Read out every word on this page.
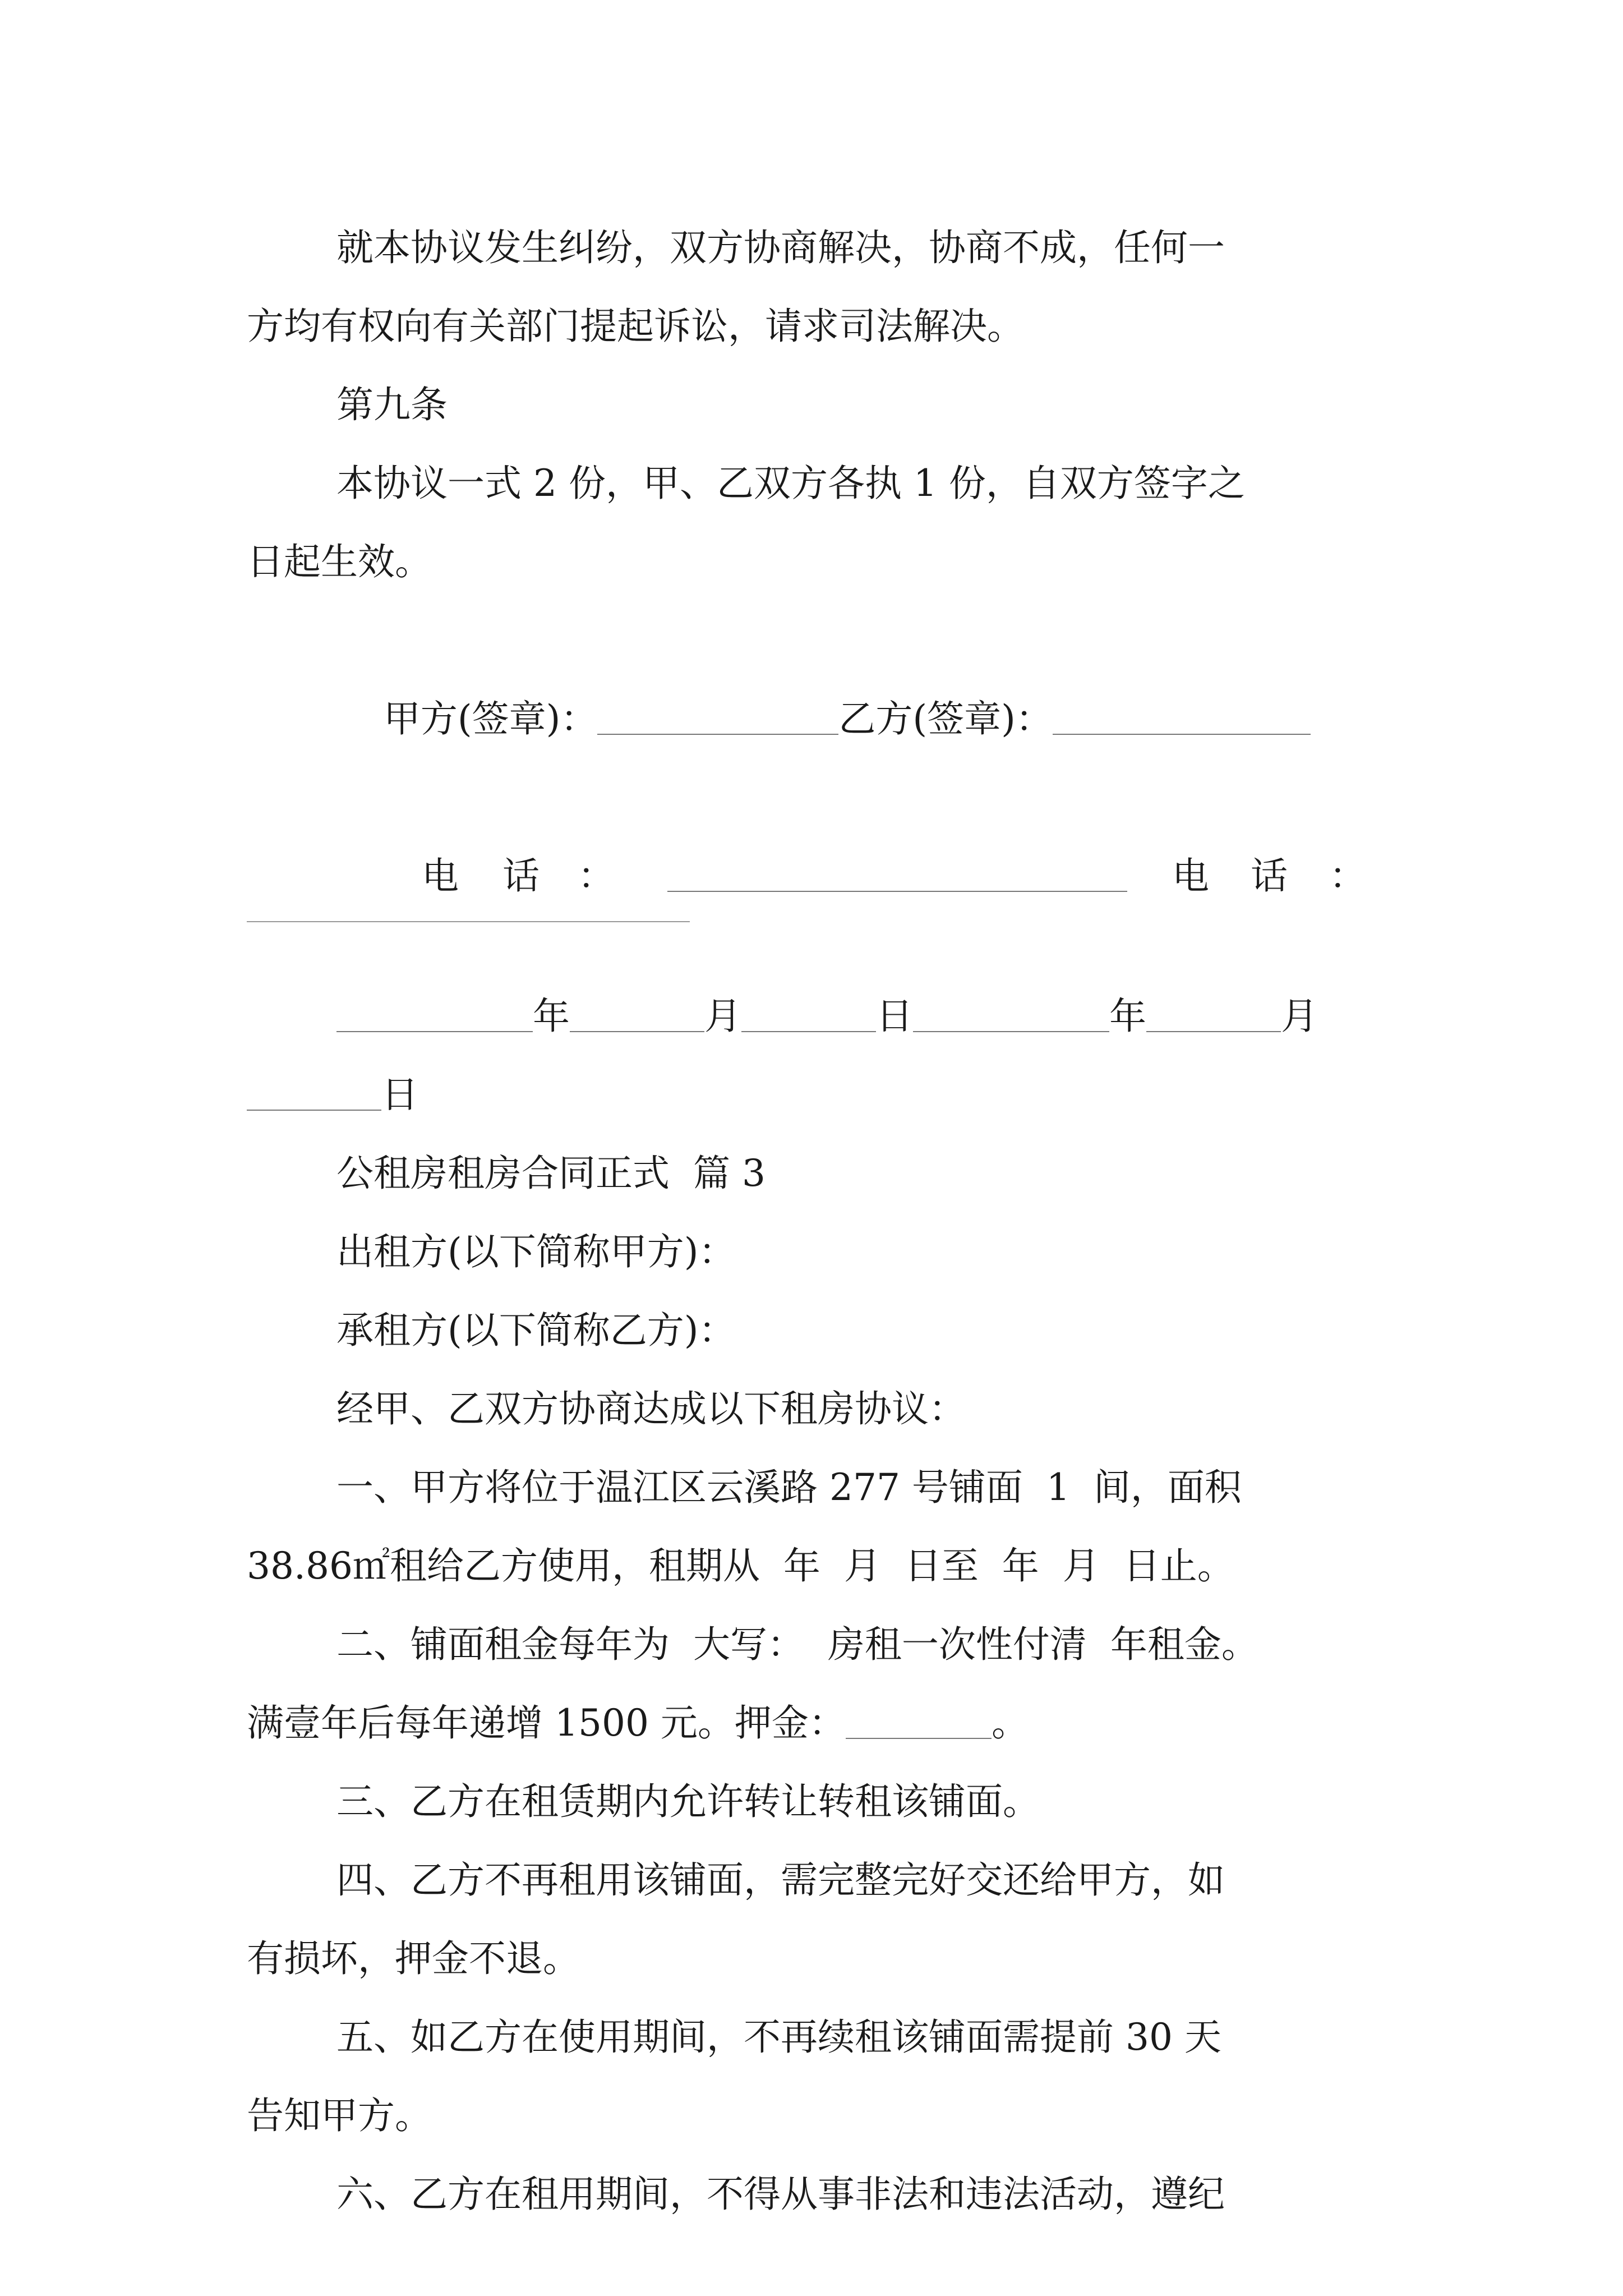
就本协议发生纠纷，双方协商解决，协商不成，任何一
方均有权向有关部门提起诉讼，请求司法解决。
第九条
本协议一式 2 份，甲、乙双方各执 1 份，自双方签字之
日起生效。

甲方(签章)：	乙方(签章)：

电 话 ：	电 话 ：
年	月	日	年	月
日
公租房租房合同正式  篇 3
出租方(以下简称甲方)：
承租方(以下简称乙方)：
经甲、乙双方协商达成以下租房协议：
一、甲方将位于温江区云溪路 277 号铺面  1  间，面积
38.86㎡租给乙方使用，租期从  年  月  日至  年  月  日止。
二、铺面租金每年为  大写：  房租一次性付清  年租金。
满壹年后每年递增 1500 元。押金：	。
三、乙方在租赁期内允许转让转租该铺面。
四、乙方不再租用该铺面，需完整完好交还给甲方，如
有损坏，押金不退。
五、如乙方在使用期间，不再续租该铺面需提前 30 天
告知甲方。
六、乙方在租用期间，不得从事非法和违法活动，遵纪
